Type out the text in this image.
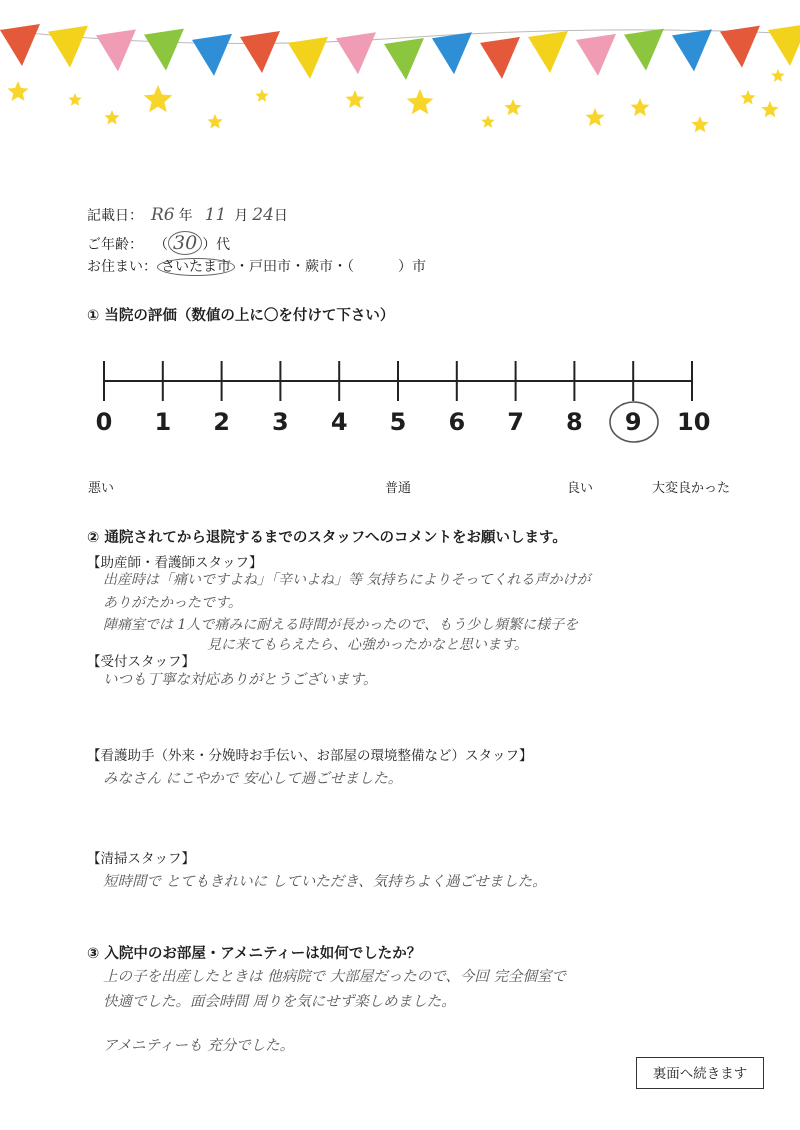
記載日： R6 年 11 月 24日
ご年齢： （ 30 ）代
お住まい： さいたま市 ・戸田市・蕨市・（	）市
① 当院の評価（数値の上に〇を付けて下さい）
0 1 2 3 4 5 6 7 8 9 10
悪い	普通	良い	大変良かった
② 通院されてから退院するまでのスタッフへのコメントをお願いします。
【助産師・看護師スタッフ】
出産時は「痛いですよね」「辛いよね」等 気持ちによりそってくれる声かけが
ありがたかったです。
陣痛室では 1人で痛みに耐える時間が長かったので、もう少し頻繁に様子を
見に来てもらえたら、心強かったかなと思います。
【受付スタッフ】
いつも丁寧な対応ありがとうございます。
【看護助手（外来・分娩時お手伝い、お部屋の環境整備など）スタッフ】
みなさん にこやかで 安心して過ごせました。
【清掃スタッフ】
短時間で とてもきれいに していただき、気持ちよく過ごせました。
③ 入院中のお部屋・アメニティーは如何でしたか？
上の子を出産したときは 他病院で 大部屋だったので、今回 完全個室で
快適でした。面会時間 周りを気にせず楽しめました。
アメニティーも 充分でした。
裏面へ続きます
